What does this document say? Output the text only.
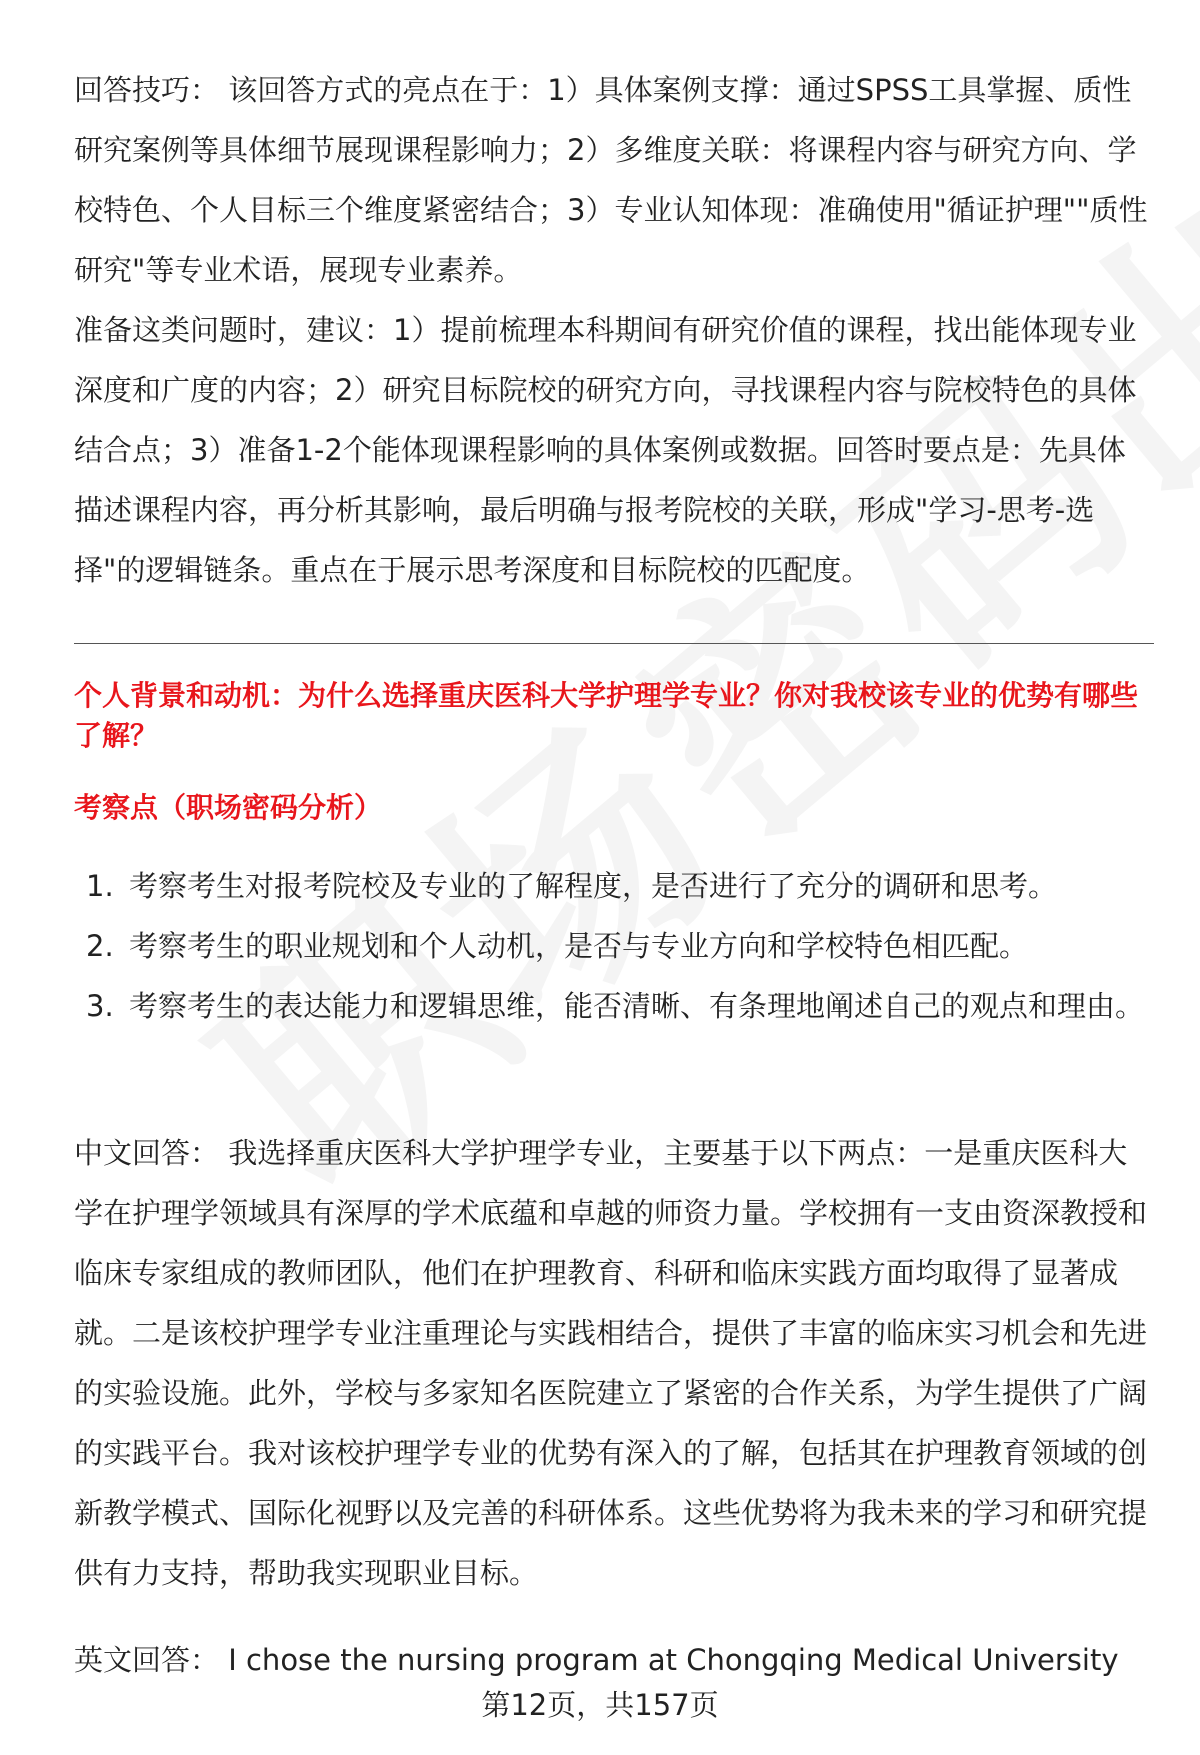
回答技巧： 该回答方式的亮点在于：1）具体案例支撑：通过SPSS工具掌握、质性研究案例等具体细节展现课程影响力；2）多维度关联：将课程内容与研究方向、学校特色、个人目标三个维度紧密结合；3）专业认知体现：准确使用"循证护理""质性研究"等专业术语，展现专业素养。

准备这类问题时，建议：1）提前梳理本科期间有研究价值的课程，找出能体现专业深度和广度的内容；2）研究目标院校的研究方向，寻找课程内容与院校特色的具体结合点；3）准备1-2个能体现课程影响的具体案例或数据。回答时要点是：先具体描述课程内容，再分析其影响，最后明确与报考院校的关联，形成"学习-思考-选择"的逻辑链条。重点在于展示思考深度和目标院校的匹配度。

个人背景和动机：为什么选择重庆医科大学护理学专业？你对我校该专业的优势有哪些了解？
考察点（职场密码分析）
1. 考察考生对报考院校及专业的了解程度，是否进行了充分的调研和思考。
2. 考察考生的职业规划和个人动机，是否与专业方向和学校特色相匹配。
3. 考察考生的表达能力和逻辑思维，能否清晰、有条理地阐述自己的观点和理由。

中文回答： 我选择重庆医科大学护理学专业，主要基于以下两点：一是重庆医科大学在护理学领域具有深厚的学术底蕴和卓越的师资力量。学校拥有一支由资深教授和临床专家组成的教师团队，他们在护理教育、科研和临床实践方面均取得了显著成就。二是该校护理学专业注重理论与实践相结合，提供了丰富的临床实习机会和先进的实验设施。此外，学校与多家知名医院建立了紧密的合作关系，为学生提供了广阔的实践平台。我对该校护理学专业的优势有深入的了解，包括其在护理教育领域的创新教学模式、国际化视野以及完善的科研体系。这些优势将为我未来的学习和研究提供有力支持，帮助我实现职业目标。

英文回答： I chose the nursing program at Chongqing Medical University

第12页，共157页
